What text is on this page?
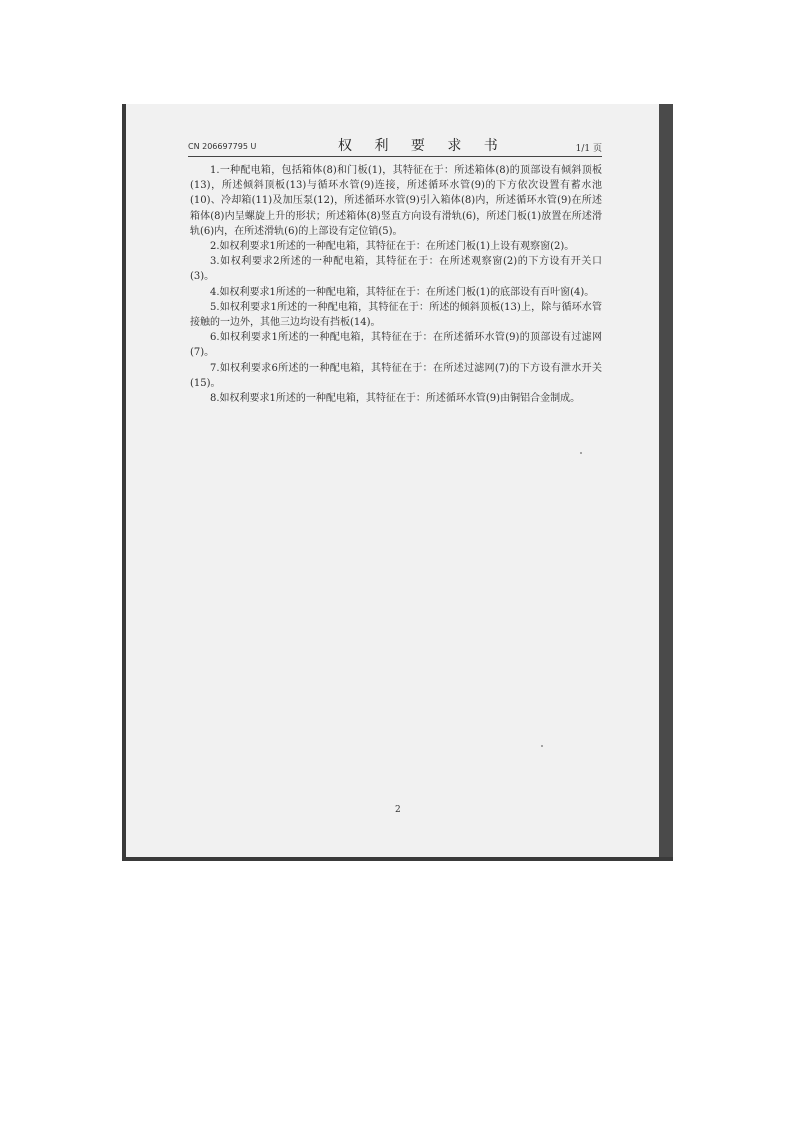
CN 206697795 U	权 利 要 求 书	1/1 页

1.一种配电箱，包括箱体(8)和门板(1)，其特征在于：所述箱体(8)的顶部设有倾斜顶板(13)，所述倾斜顶板(13)与循环水管(9)连接，所述循环水管(9)的下方依次设置有蓄水池(10)、冷却箱(11)及加压泵(12)，所述循环水管(9)引入箱体(8)内，所述循环水管(9)在所述箱体(8)内呈螺旋上升的形状；所述箱体(8)竖直方向设有滑轨(6)，所述门板(1)放置在所述滑轨(6)内，在所述滑轨(6)的上部设有定位销(5)。

2.如权利要求1所述的一种配电箱，其特征在于：在所述门板(1)上设有观察窗(2)。

3.如权利要求2所述的一种配电箱，其特征在于：在所述观察窗(2)的下方设有开关口(3)。

4.如权利要求1所述的一种配电箱，其特征在于：在所述门板(1)的底部设有百叶窗(4)。

5.如权利要求1所述的一种配电箱，其特征在于：所述的倾斜顶板(13)上，除与循环水管接触的一边外，其他三边均设有挡板(14)。

6.如权利要求1所述的一种配电箱，其特征在于：在所述循环水管(9)的顶部设有过滤网(7)。

7.如权利要求6所述的一种配电箱，其特征在于：在所述过滤网(7)的下方设有泄水开关(15)。

8.如权利要求1所述的一种配电箱，其特征在于：所述循环水管(9)由铜铝合金制成。

2
